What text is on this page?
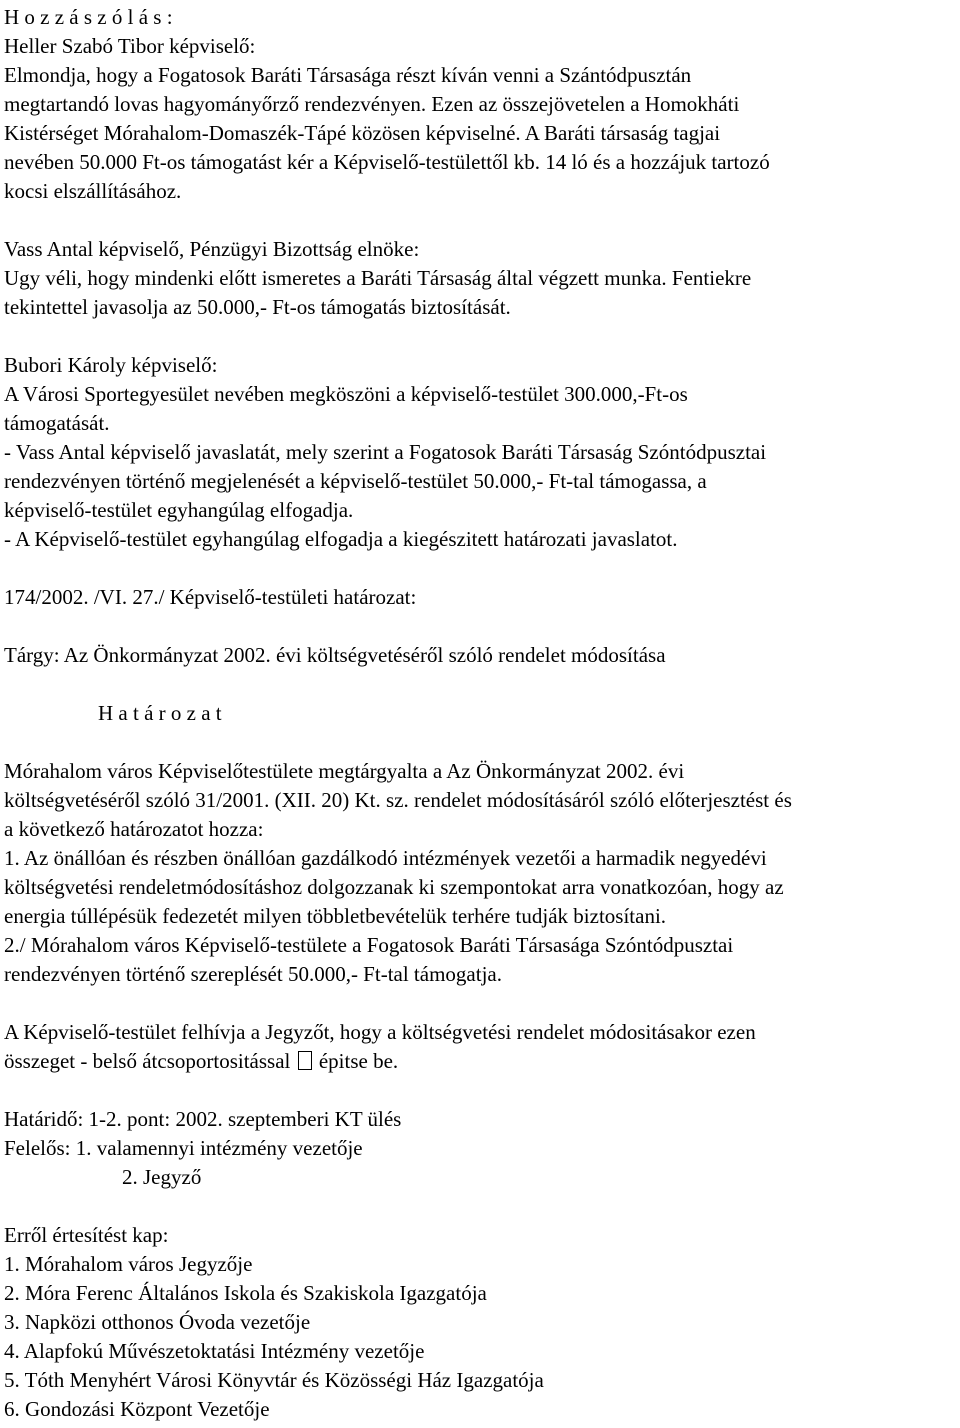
H o z z á s z ó l á s :
Heller Szabó Tibor képviselő:
Elmondja, hogy a Fogatosok Baráti Társasága részt kíván venni a Szántódpusztán
megtartandó lovas hagyományőrző rendezvényen. Ezen az összejövetelen a Homokháti
Kistérséget Mórahalom-Domaszék-Tápé közösen képviselné. A Baráti társaság tagjai
nevében 50.000 Ft-os támogatást kér a Képviselő-testülettől kb. 14 ló és a hozzájuk tartozó
kocsi elszállításához.
Vass Antal képviselő, Pénzügyi Bizottság elnöke:
Ugy véli, hogy mindenki előtt ismeretes a Baráti Társaság által végzett munka. Fentiekre
tekintettel javasolja az 50.000,- Ft-os támogatás biztosítását.
Bubori Károly képviselő:
A Városi Sportegyesület nevében megköszöni a képviselő-testület 300.000,-Ft-os
támogatását.
- Vass Antal képviselő javaslatát, mely szerint a Fogatosok Baráti Társaság Szóntódpusztai
rendezvényen történő megjelenését a képviselő-testület 50.000,- Ft-tal támogassa, a
képviselő-testület egyhangúlag elfogadja.
- A Képviselő-testület egyhangúlag elfogadja a kiegészitett határozati javaslatot.
174/2002. /VI. 27./ Képviselő-testületi határozat:
Tárgy: Az Önkormányzat 2002. évi költségvetéséről szóló rendelet módosítása
H a t á r o z a t
Mórahalom város Képviselőtestülete megtárgyalta a Az Önkormányzat 2002. évi
költségvetéséről szóló 31/2001. (XII. 20) Kt. sz. rendelet módosításáról szóló előterjesztést és
a következő határozatot hozza:
1. Az önállóan és részben önállóan gazdálkodó intézmények vezetői a harmadik negyedévi
költségvetési rendeletmódosításhoz dolgozzanak ki szempontokat arra vonatkozóan, hogy az
energia túllépésük fedezetét milyen többletbevételük terhére tudják biztosítani.
2./ Mórahalom város Képviselő-testülete a Fogatosok Baráti Társasága Szóntódpusztai
rendezvényen történő szereplését 50.000,- Ft-tal támogatja.
A Képviselő-testület felhívja a Jegyzőt, hogy a költségvetési rendelet módositásakor ezen
összeget - belső átcsoportositással  épitse be.
Határidő: 1-2. pont: 2002. szeptemberi KT ülés
Felelős: 1. valamennyi intézmény vezetője
2. Jegyző
Erről értesítést kap:
1. Mórahalom város Jegyzője
2. Móra Ferenc Általános Iskola és Szakiskola Igazgatója
3. Napközi otthonos Óvoda vezetője
4. Alapfokú Művészetoktatási Intézmény vezetője
5. Tóth Menyhért Városi Könyvtár és Közösségi Ház Igazgatója
6. Gondozási Központ Vezetője
